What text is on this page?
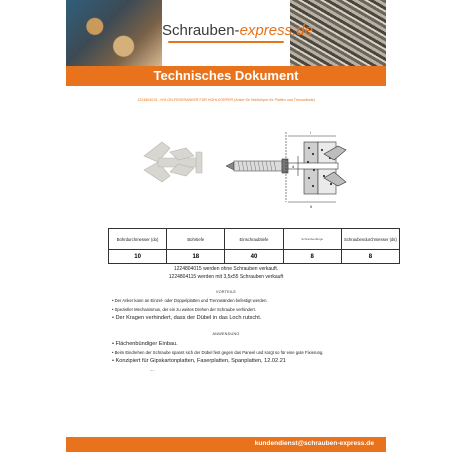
Schrauben-express.de
Technisches Dokument
1224804015 - NYLON-FEDERANKER FÜR HOHLKÖRPER (Anker für Hohlkörper für Platten und Trennwände)
l
lt
d
Bohrdurchmesser (do)	Bohrtiefe	Einschraubtiefe	Schraubenlänge	Schraubendurchmesser (ds)
10	18	40	8	8
1224804015 werden ohne Schrauben verkauft.
1224804115 werden mit 3,5x55 Schrauben verkauft
VORTEILE
• Der Anker kann an Einzel- oder Doppelplatten und Trennwänden befestigt werden.
• Spezieller Mechanismus, der ein zu weites Drehen der Schraube verhindert.
• Der Kragen verhindert, dass der Dübel in das Loch rutscht.
ANWENDUNG
• Flächenbündiger Einbau.
• Beim Eindrehen der Schraube spannt sich der Dübel fest gegen das Paneel und sorgt so für eine gute Fixierung.
• Konzipiert für Gipskartonplatten, Faserplatten, Spanplatten, 12.02.21
....
kundendienst@schrauben-express.de
